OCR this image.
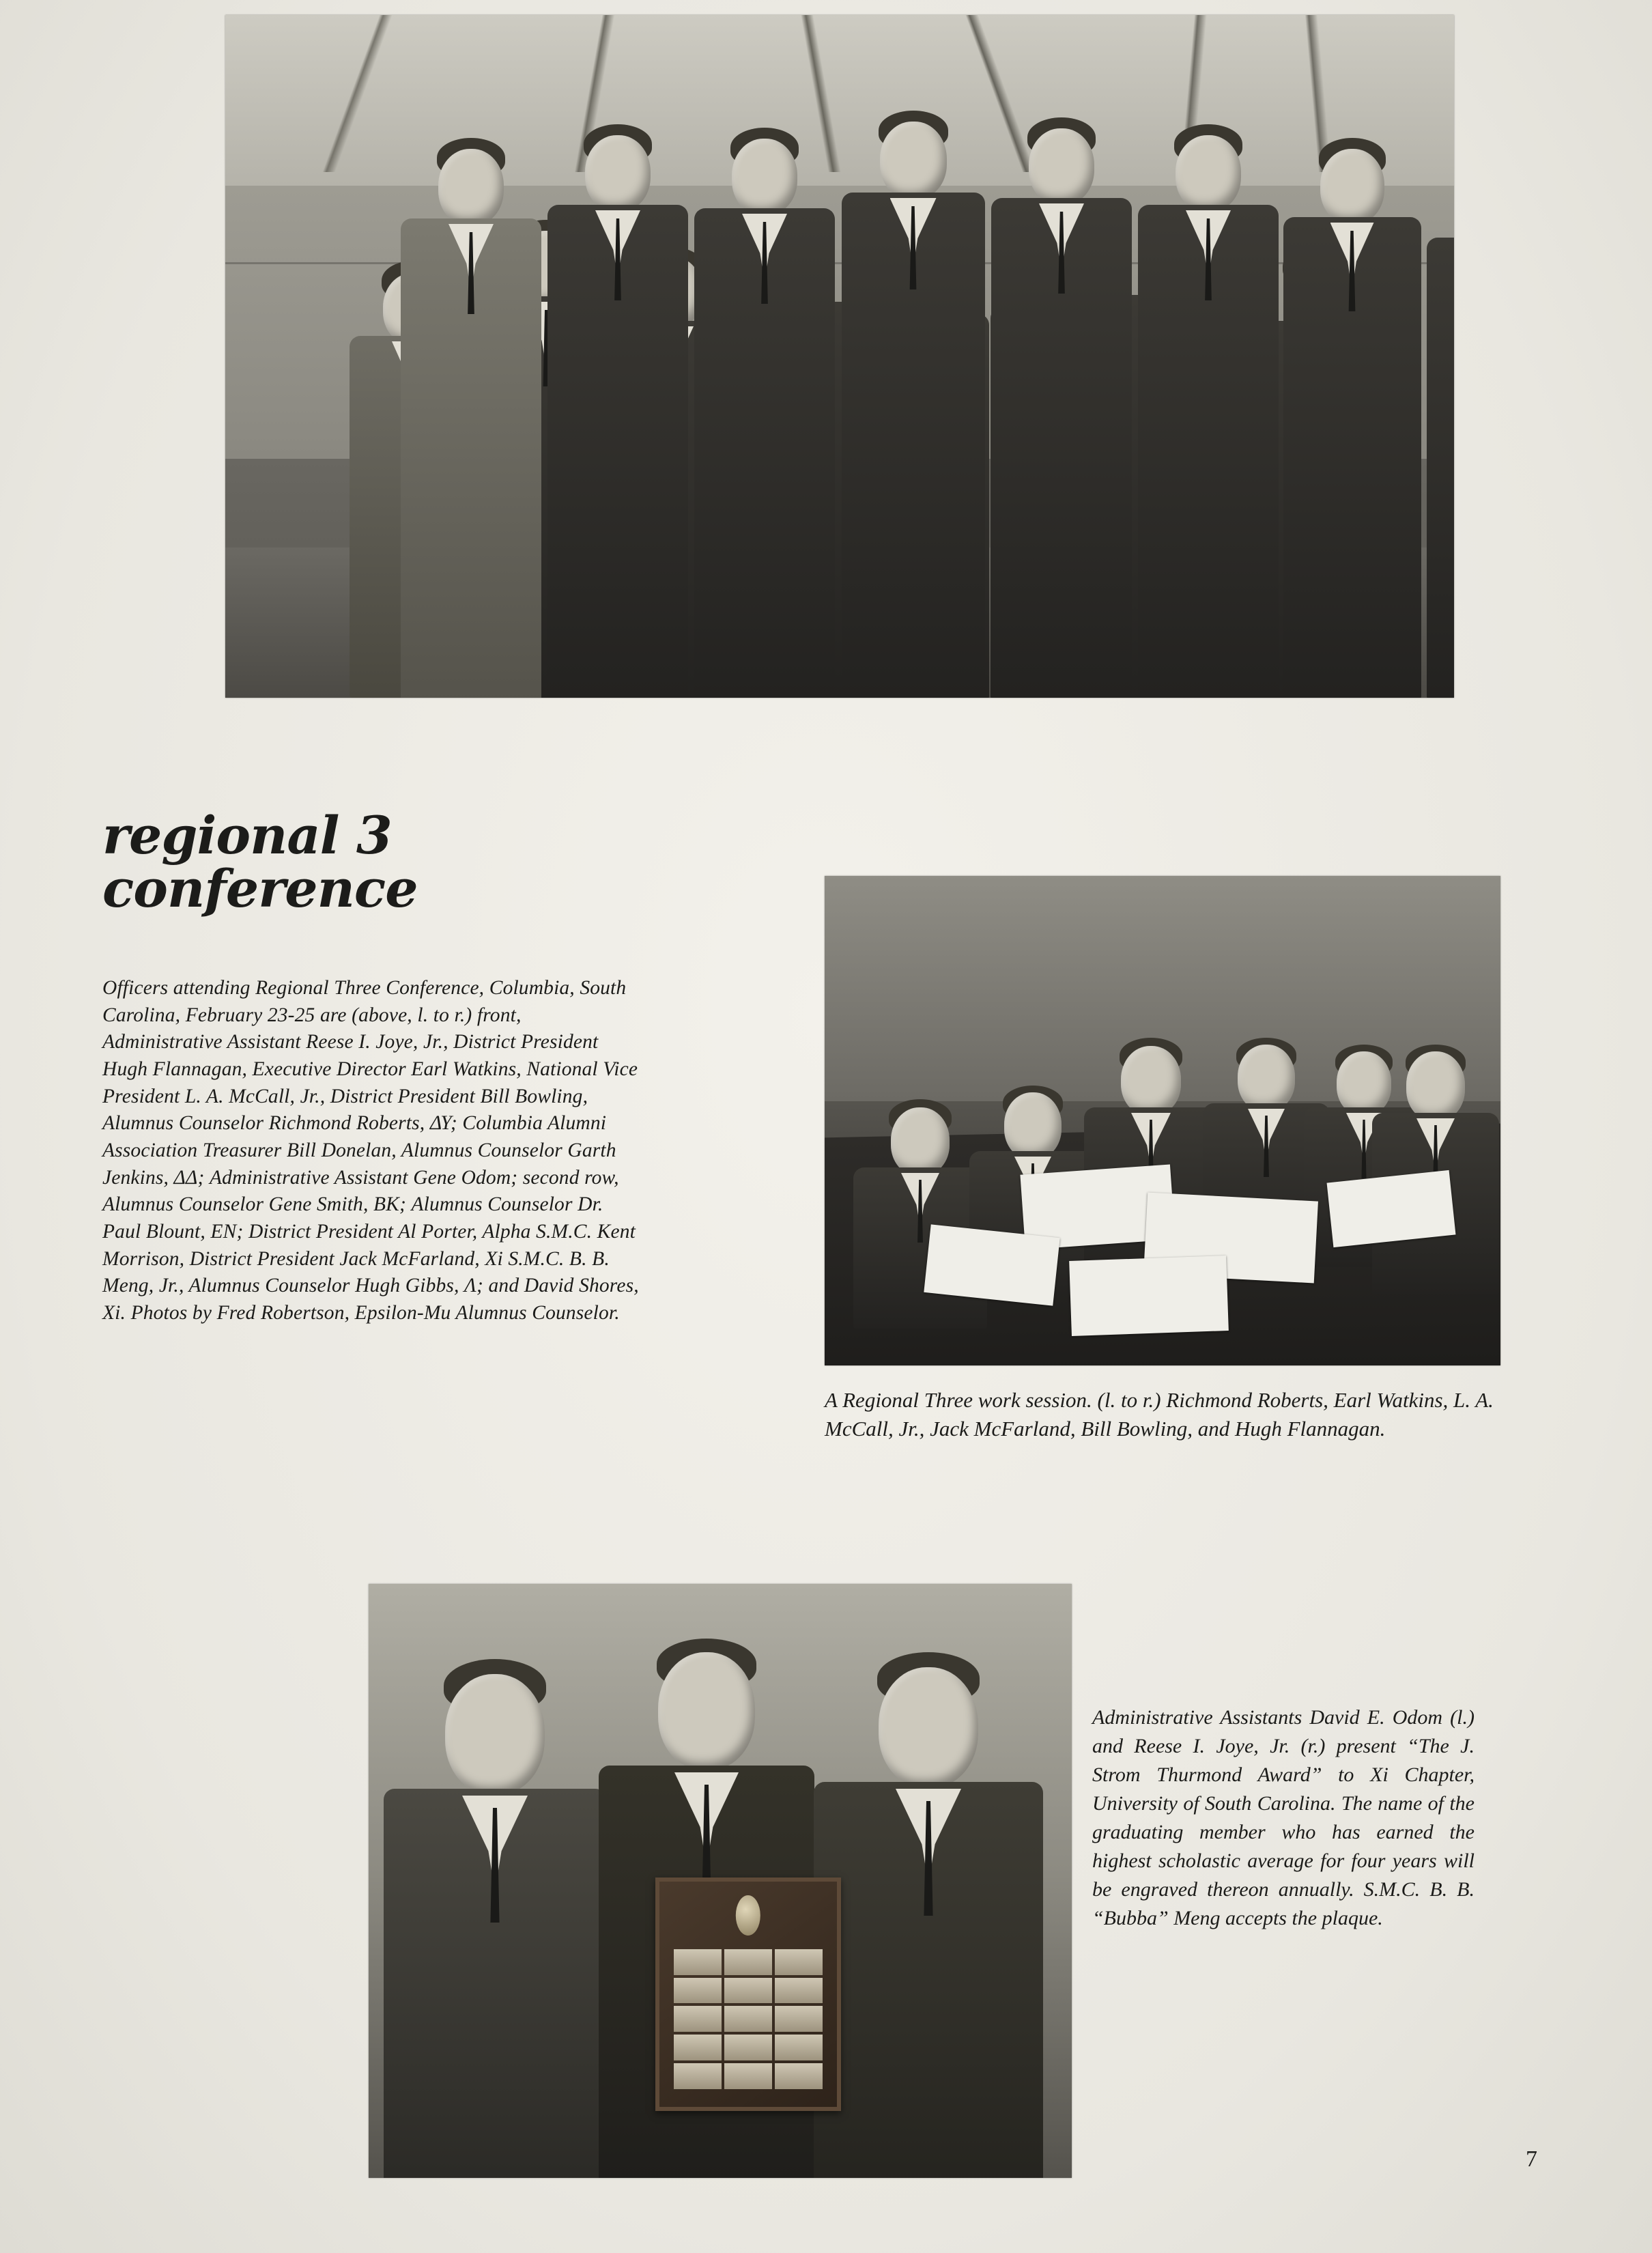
regional 3
conference
Officers attending Regional Three Conference, Columbia, South Carolina, February 23-25 are (above, l. to r.) front, Administrative Assistant Reese I. Joye, Jr., District President Hugh Flannagan, Executive Director Earl Watkins, National Vice President L. A. McCall, Jr., District President Bill Bowling, Alumnus Counselor Richmond Roberts, ΔΥ; Columbia Alumni Association Treasurer Bill Donelan, Alumnus Counselor Garth Jenkins, ΔΔ; Administrative Assistant Gene Odom; second row, Alumnus Counselor Gene Smith, ΒΚ; Alumnus Counselor Dr. Paul Blount, ΕΝ; District President Al Porter, Alpha S.M.C. Kent Morrison, District President Jack McFarland, Xi S.M.C. B. B. Meng, Jr., Alumnus Counselor Hugh Gibbs, Λ; and David Shores, Xi. Photos by Fred Robertson, Epsilon-Mu Alumnus Counselor.
A Regional Three work session. (l. to r.) Richmond Roberts, Earl Watkins, L. A. McCall, Jr., Jack McFarland, Bill Bowling, and Hugh Flannagan.
Administrative Assistants David E. Odom (l.) and Reese I. Joye, Jr. (r.) present “The J. Strom Thurmond Award” to Xi Chapter, University of South Carolina. The name of the graduating member who has earned the highest scholastic average for four years will be engraved thereon annually. S.M.C. B. B. “Bubba” Meng accepts the plaque.
7
